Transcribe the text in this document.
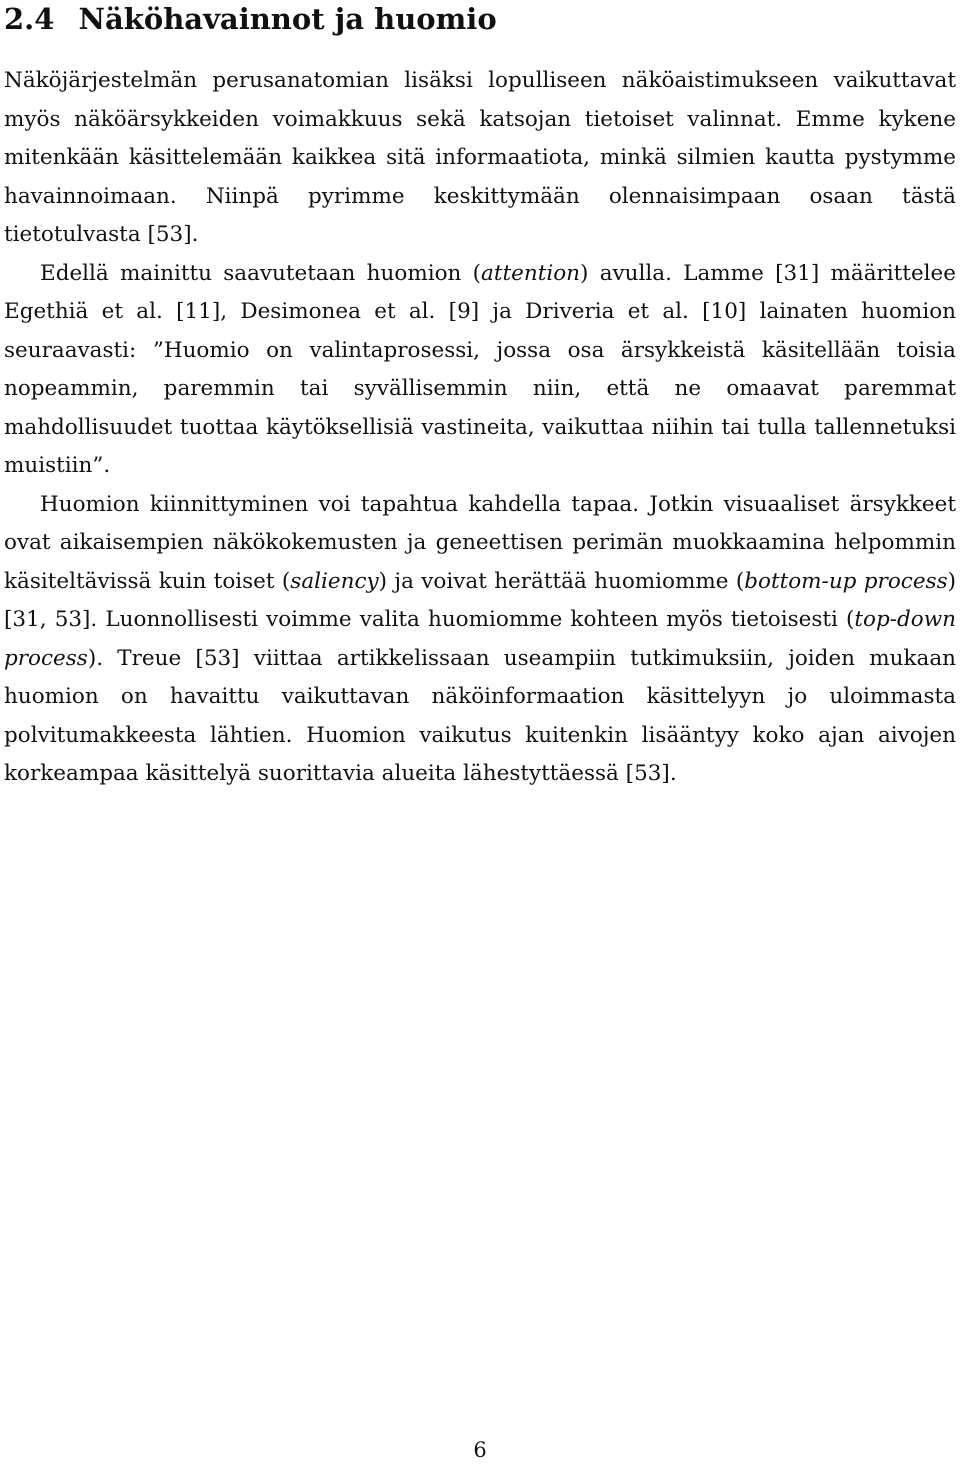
2.4 Näköhavainnot ja huomio

Näköjärjestelmän perusanatomian lisäksi lopulliseen näköaistimukseen vaikuttavat myös näköärsykkeiden voimakkuus sekä katsojan tietoiset valinnat. Emme kykene mitenkään käsittelemään kaikkea sitä informaatiota, minkä silmien kautta pystymme havainnoimaan. Niinpä pyrimme keskittymään olennaisimpaan osaan tästä tietotulvasta [53].

Edellä mainittu saavutetaan huomion (attention) avulla. Lamme [31] määrittelee Egethiä et al. [11], Desimonea et al. [9] ja Driveria et al. [10] lainaten huomion seuraavasti: ”Huomio on valintaprosessi, jossa osa ärsykkeistä käsitellään toisia nopeammin, paremmin tai syvällisemmin niin, että ne omaavat paremmat mahdollisuudet tuottaa käytöksellisiä vastineita, vaikuttaa niihin tai tulla tallennetuksi muistiin”.

Huomion kiinnittyminen voi tapahtua kahdella tapaa. Jotkin visuaaliset ärsykkeet ovat aikaisempien näkökokemusten ja geneettisen perimän muokkaamina helpommin käsiteltävissä kuin toiset (saliency) ja voivat herättää huomiomme (bottom-up process) [31, 53]. Luonnollisesti voimme valita huomiomme kohteen myös tietoisesti (top-down process). Treue [53] viittaa artikkelissaan useampiin tutkimuksiin, joiden mukaan huomion on havaittu vaikuttavan näköinformaation käsittelyyn jo uloimmasta polvitumakkeesta lähtien. Huomion vaikutus kuitenkin lisääntyy koko ajan aivojen korkeampaa käsittelyä suorittavia alueita lähestyttäessä [53].

6
